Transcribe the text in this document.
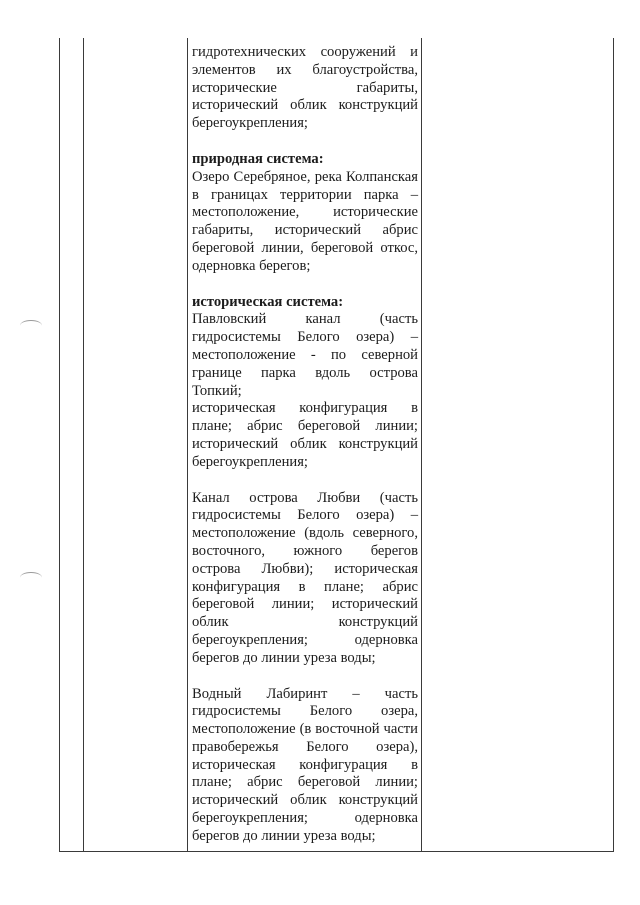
гидротехнических сооружений и элементов их благоустройства, исторические габариты, исторический облик конструкций берегоукрепления;

природная система:

Озеро Серебряное, река Колпанская в границах территории парка – местоположение, исторические габариты, исторический абрис береговой линии, береговой откос, одерновка берегов;

историческая система:

Павловский канал (часть гидросистемы Белого озера) – местоположение - по северной границе парка вдоль острова Топкий;

историческая конфигурация в плане; абрис береговой линии; исторический облик конструкций берегоукрепления;

Канал острова Любви (часть гидросистемы Белого озера) – местоположение (вдоль северного, восточного, южного берегов острова Любви); историческая конфигурация в плане; абрис береговой линии; исторический облик конструкций берегоукрепления; одерновка берегов до линии уреза воды;

Водный Лабиринт – часть гидросистемы Белого озера, местоположение (в восточной части правобережья Белого озера), историческая конфигурация в плане; абрис береговой линии; исторический облик конструкций берегоукрепления; одерновка берегов до линии уреза воды;
